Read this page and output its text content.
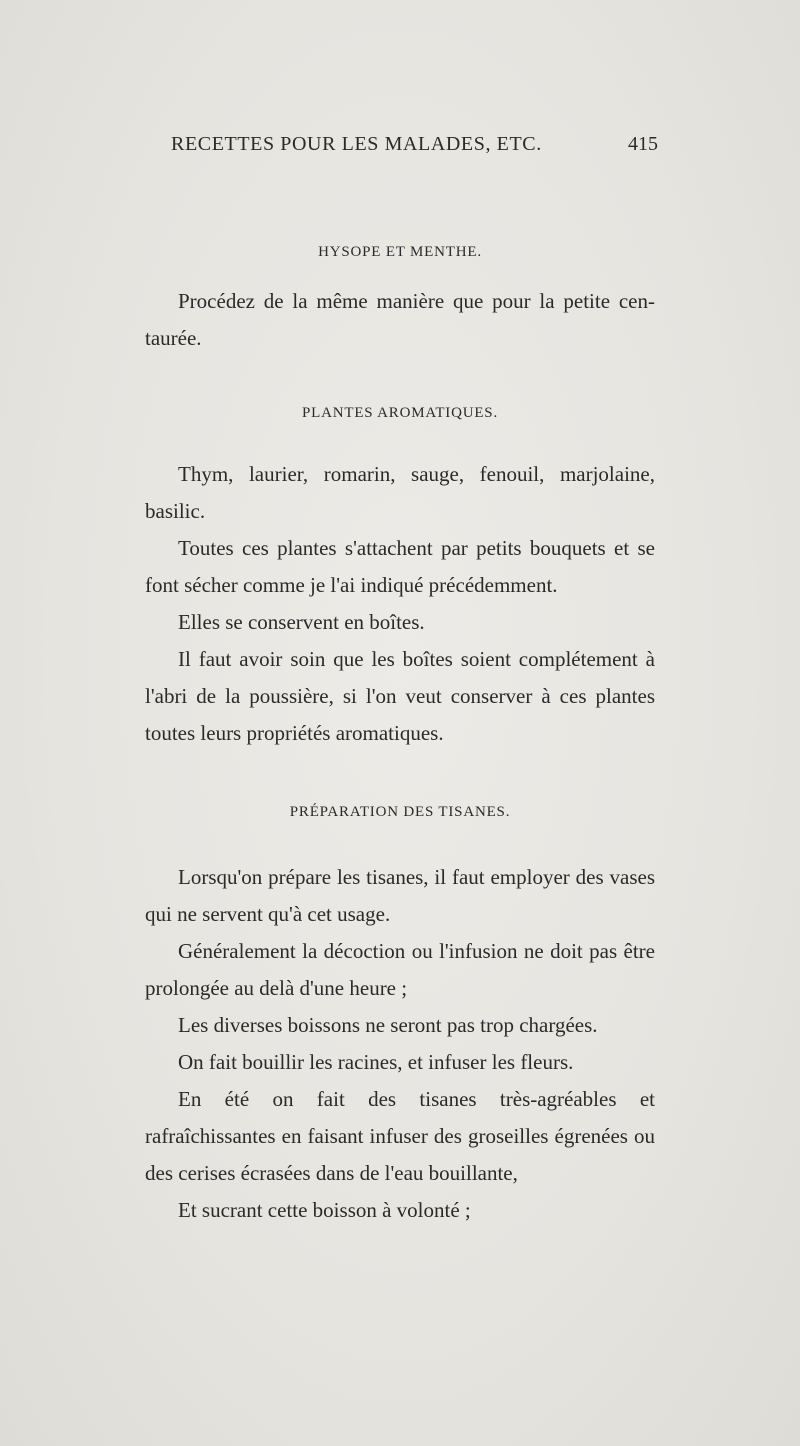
RECETTES POUR LES MALADES, ETC.	415
HYSOPE ET MENTHE.

Procédez de la même manière que pour la petite cen-taurée.

PLANTES AROMATIQUES.

Thym, laurier, romarin, sauge, fenouil, marjolaine, basilic.

Toutes ces plantes s'attachent par petits bouquets et se font sécher comme je l'ai indiqué précédemment.

Elles se conservent en boîtes.

Il faut avoir soin que les boîtes soient complétement à l'abri de la poussière, si l'on veut conserver à ces plantes toutes leurs propriétés aromatiques.

PRÉPARATION DES TISANES.

Lorsqu'on prépare les tisanes, il faut employer des vases qui ne servent qu'à cet usage.

Généralement la décoction ou l'infusion ne doit pas être prolongée au delà d'une heure ;

Les diverses boissons ne seront pas trop chargées.

On fait bouillir les racines, et infuser les fleurs.

En été on fait des tisanes très-agréables et rafraîchissantes en faisant infuser des groseilles égrenées ou des cerises écrasées dans de l'eau bouillante,

Et sucrant cette boisson à volonté ;
